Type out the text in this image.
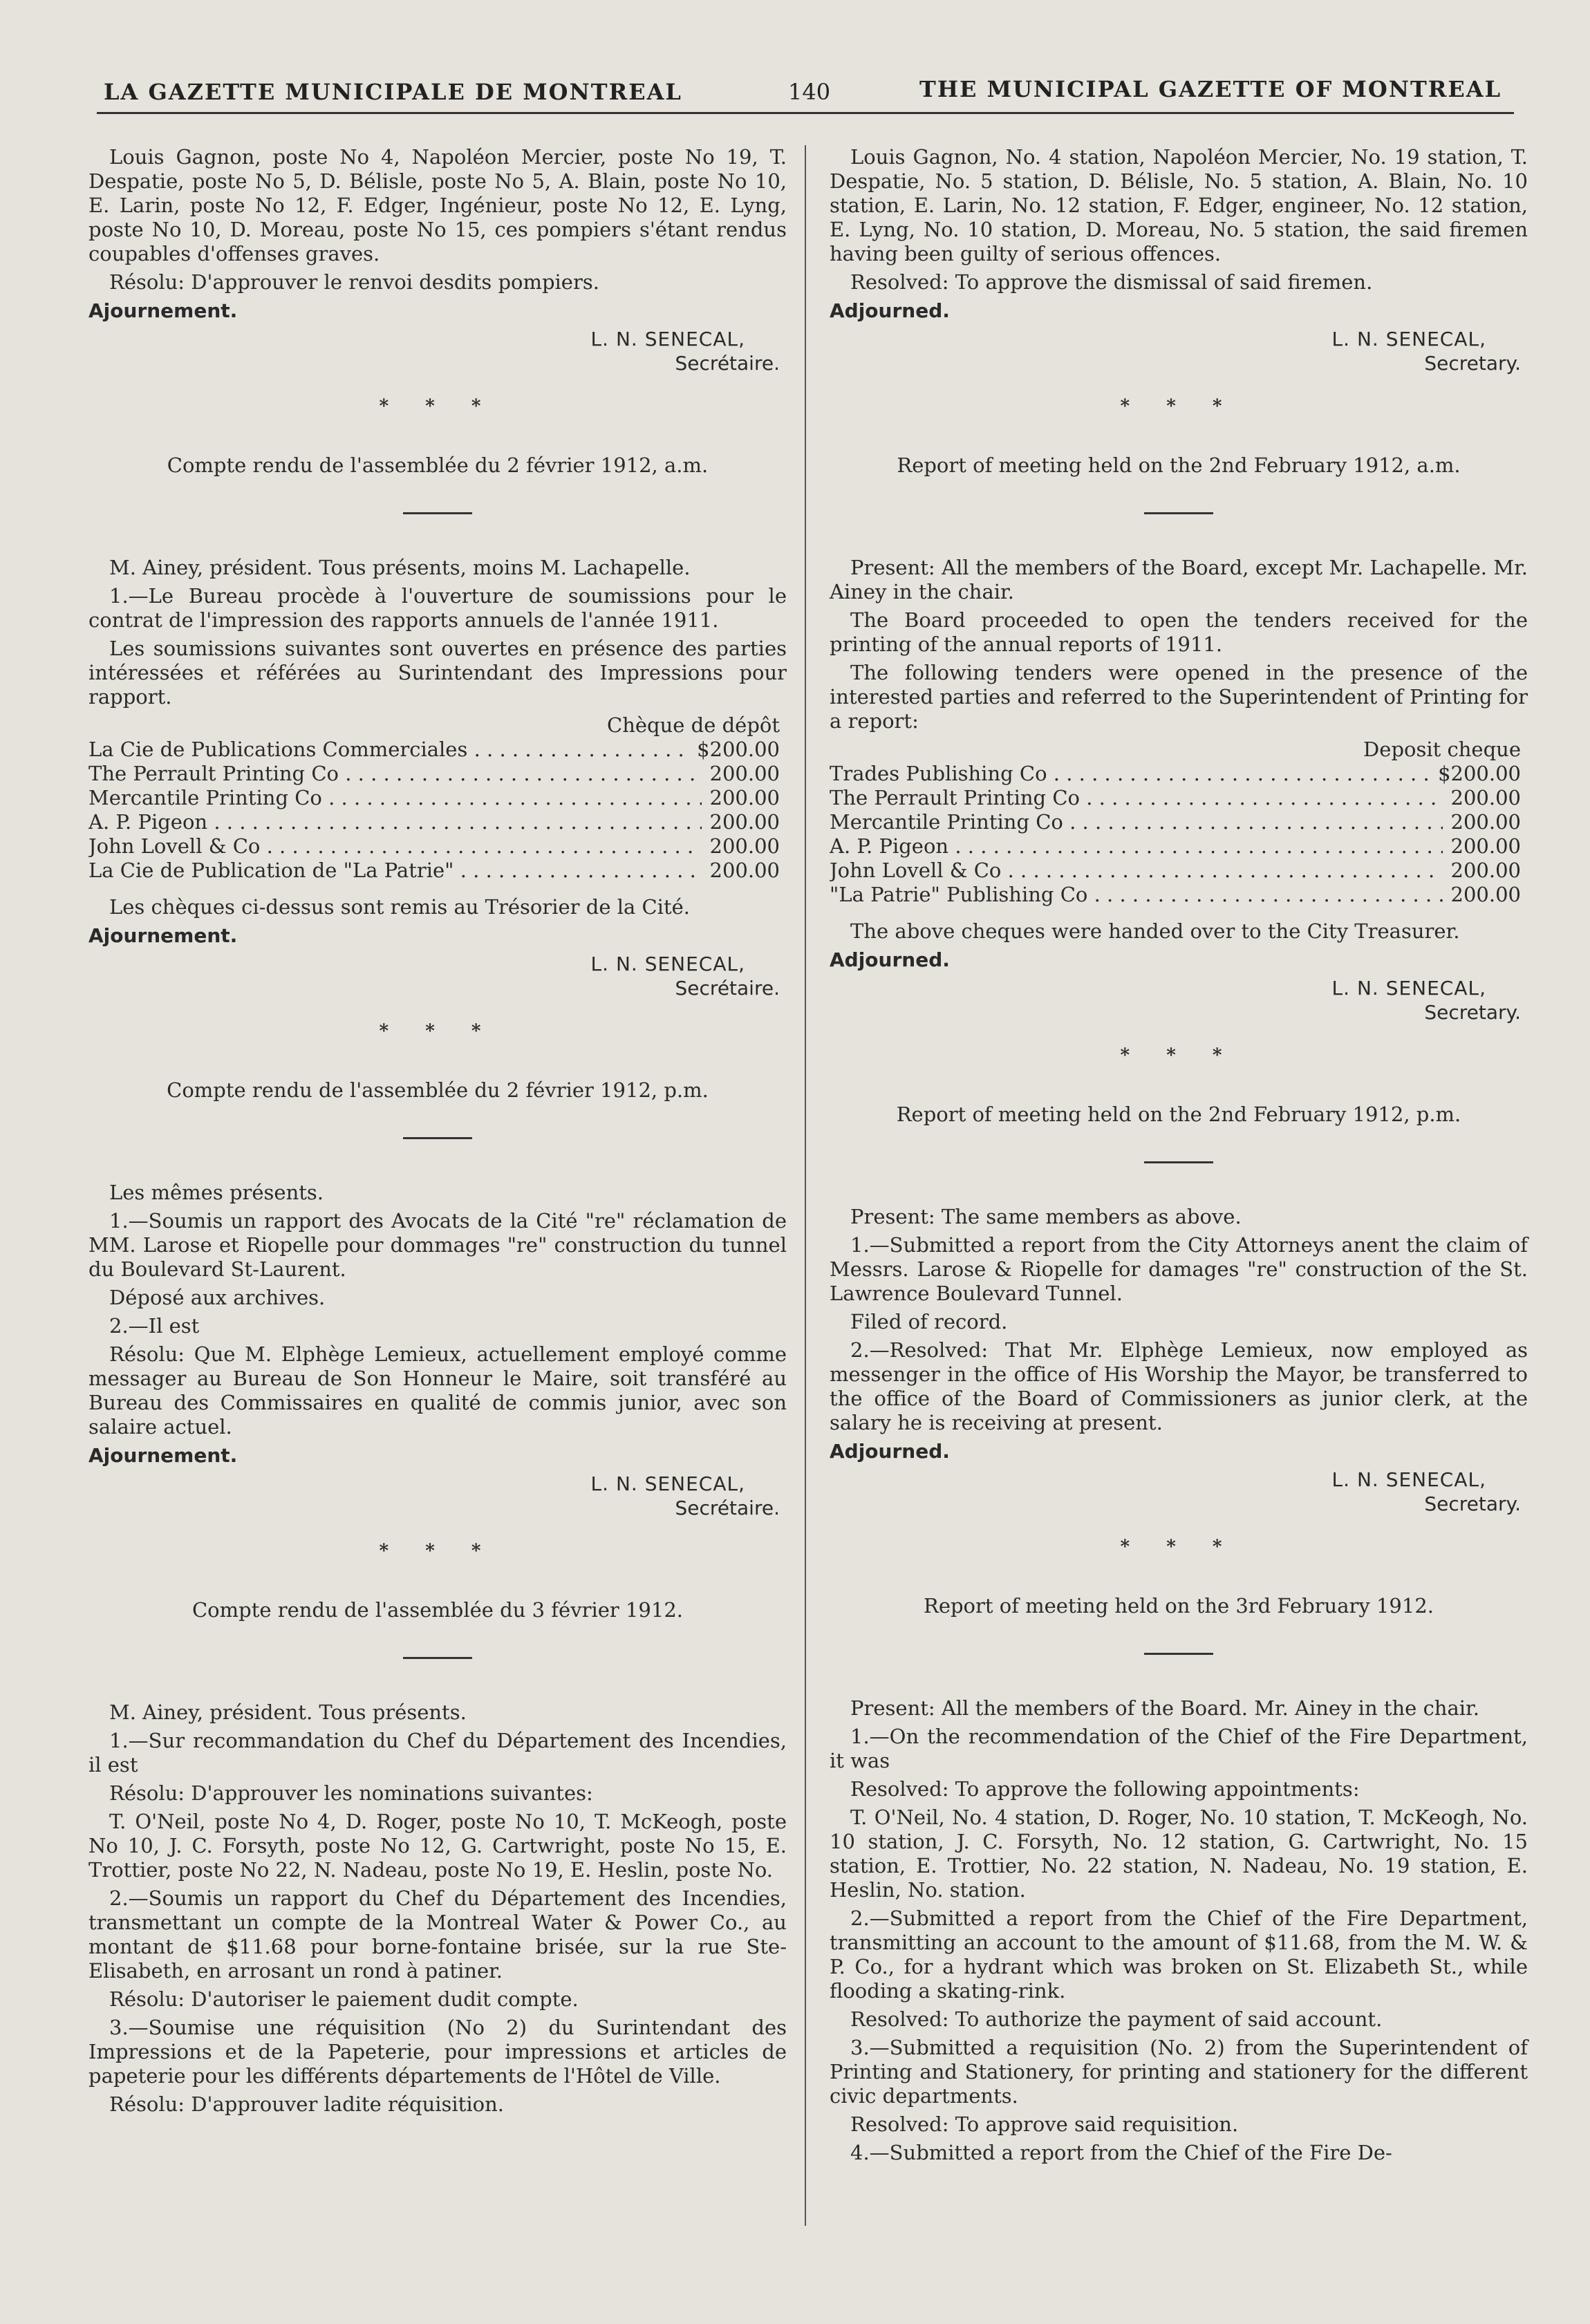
LA GAZETTE MUNICIPALE DE MONTREAL	140	THE MUNICIPAL GAZETTE OF MONTREAL

Louis Gagnon, poste No 4, Napoléon Mercier, poste No 19, T. Despatie, poste No 5, D. Bélisle, poste No 5, A. Blain, poste No 10, E. Larin, poste No 12, F. Edger, Ingénieur, poste No 12, E. Lyng, poste No 10, D. Moreau, poste No 15, ces pompiers s'étant rendus coupables d'offenses graves.

Résolu: D'approuver le renvoi desdits pompiers.

Ajournement.

L. N. SENECAL,
Secrétaire.
* * *
Compte rendu de l'assemblée du 2 février 1912, a.m.

M. Ainey, président. Tous présents, moins M. Lachapelle.

1.—Le Bureau procède à l'ouverture de soumissions pour le contrat de l'impression des rapports annuels de l'année 1911.

Les soumissions suivantes sont ouvertes en présence des parties intéressées et référées au Surintendant des Impressions pour rapport.

Chèque de dépôt
La Cie de Publications Commerciales . . .	$200.00
The Perrault Printing Co . . .	200.00
Mercantile Printing Co . . .	200.00
A. P. Pigeon . . .	200.00
John Lovell & Co . . .	200.00
La Cie de Publication de "La Patrie" . . .	200.00

Les chèques ci-dessus sont remis au Trésorier de la Cité.

Ajournement.

L. N. SENECAL,
Secrétaire.
* * *
Compte rendu de l'assemblée du 2 février 1912, p.m.

Les mêmes présents.

1.—Soumis un rapport des Avocats de la Cité "re" réclamation de MM. Larose et Riopelle pour dommages "re" construction du tunnel du Boulevard St-Laurent.

Déposé aux archives.

2.—Il est

Résolu: Que M. Elphège Lemieux, actuellement employé comme messager au Bureau de Son Honneur le Maire, soit transféré au Bureau des Commissaires en qualité de commis junior, avec son salaire actuel.

Ajournement.

L. N. SENECAL,
Secrétaire.
* * *
Compte rendu de l'assemblée du 3 février 1912.

M. Ainey, président. Tous présents.

1.—Sur recommandation du Chef du Département des Incendies, il est

Résolu: D'approuver les nominations suivantes:

T. O'Neil, poste No 4, D. Roger, poste No 10, T. McKeogh, poste No 10, J. C. Forsyth, poste No 12, G. Cartwright, poste No 15, E. Trottier, poste No 22, N. Nadeau, poste No 19, E. Heslin, poste No.

2.—Soumis un rapport du Chef du Département des Incendies, transmettant un compte de la Montreal Water & Power Co., au montant de $11.68 pour borne-fontaine brisée, sur la rue Ste-Elisabeth, en arrosant un rond à patiner.

Résolu: D'autoriser le paiement dudit compte.

3.—Soumise une réquisition (No 2) du Surintendant des Impressions et de la Papeterie, pour impressions et articles de papeterie pour les différents départements de l'Hôtel de Ville.

Résolu: D'approuver ladite réquisition.

Louis Gagnon, No. 4 station, Napoléon Mercier, No. 19 station, T. Despatie, No. 5 station, D. Bélisle, No. 5 station, A. Blain, No. 10 station, E. Larin, No. 12 station, F. Edger, engineer, No. 12 station, E. Lyng, No. 10 station, D. Moreau, No. 5 station, the said firemen having been guilty of serious offences.

Resolved: To approve the dismissal of said firemen.

Adjourned.

L. N. SENECAL,
Secretary.
* * *
Report of meeting held on the 2nd February 1912, a.m.

Present: All the members of the Board, except Mr. Lachapelle. Mr. Ainey in the chair.

The Board proceeded to open the tenders received for the printing of the annual reports of 1911.

The following tenders were opened in the presence of the interested parties and referred to the Superintendent of Printing for a report:

Deposit cheque
Trades Publishing Co . . .	$200.00
The Perrault Printing Co . . .	200.00
Mercantile Printing Co . . .	200.00
A. P. Pigeon . . .	200.00
John Lovell & Co . . .	200.00
"La Patrie" Publishing Co . . .	200.00

The above cheques were handed over to the City Treasurer.

Adjourned.

L. N. SENECAL,
Secretary.
* * *
Report of meeting held on the 2nd February 1912, p.m.

Present: The same members as above.

1.—Submitted a report from the City Attorneys anent the claim of Messrs. Larose & Riopelle for damages "re" construction of the St. Lawrence Boulevard Tunnel.

Filed of record.

2.—Resolved: That Mr. Elphège Lemieux, now employed as messenger in the office of His Worship the Mayor, be transferred to the office of the Board of Commissioners as junior clerk, at the salary he is receiving at present.

Adjourned.

L. N. SENECAL,
Secretary.
* * *
Report of meeting held on the 3rd February 1912.

Present: All the members of the Board. Mr. Ainey in the chair.

1.—On the recommendation of the Chief of the Fire Department, it was

Resolved: To approve the following appointments:

T. O'Neil, No. 4 station, D. Roger, No. 10 station, T. McKeogh, No. 10 station, J. C. Forsyth, No. 12 station, G. Cartwright, No. 15 station, E. Trottier, No. 22 station, N. Nadeau, No. 19 station, E. Heslin, No. station.

2.—Submitted a report from the Chief of the Fire Department, transmitting an account to the amount of $11.68, from the M. W. & P. Co., for a hydrant which was broken on St. Elizabeth St., while flooding a skating-rink.

Resolved: To authorize the payment of said account.

3.—Submitted a requisition (No. 2) from the Superintendent of Printing and Stationery, for printing and stationery for the different civic departments.

Resolved: To approve said requisition.

4.—Submitted a report from the Chief of the Fire De-
